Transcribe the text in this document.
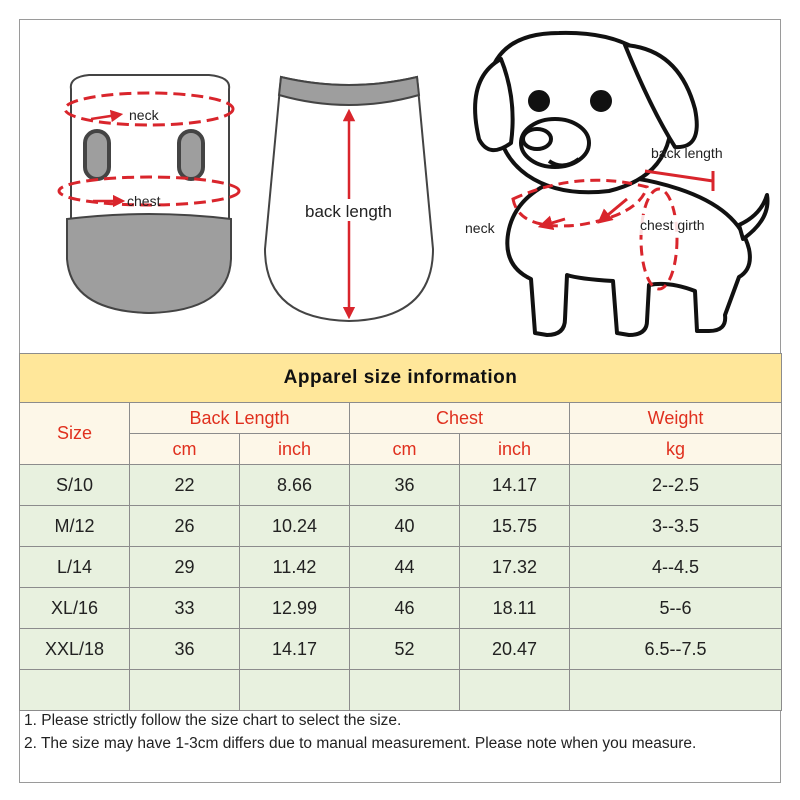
neck
chest
back length
back length
neck	chest girth
Apparel size information					
Size	Back Length		Chest		Weight
	cm	inch	cm	inch	kg
S/10	22	8.66	36	14.17	2--2.5
M/12	26	10.24	40	15.75	3--3.5
L/14	29	11.42	44	17.32	4--4.5
XL/16	33	12.99	46	18.11	5--6
XXL/18	36	14.17	52	20.47	6.5--7.5

1. Please strictly follow the size chart to select the size.
2. The size may have 1-3cm differs due to manual measurement. Please note when you measure.
